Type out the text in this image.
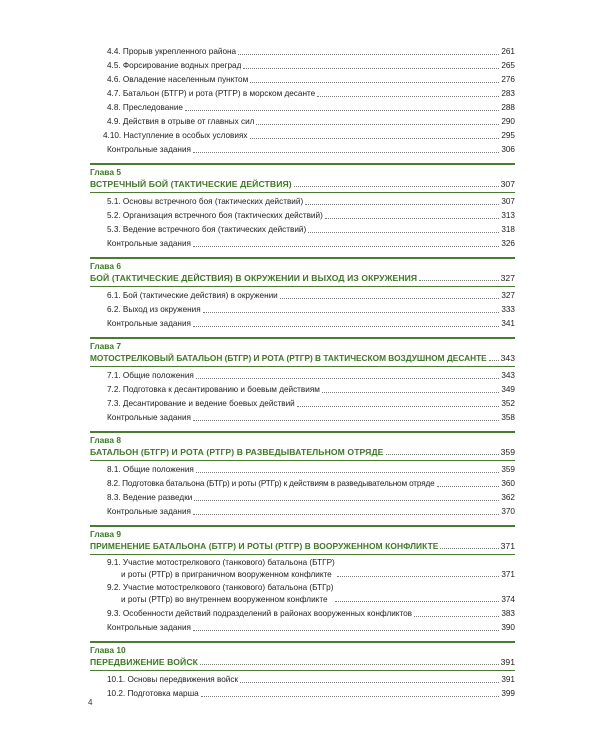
4.4. Прорыв укрепленного района	261
4.5. Форсирование водных преград	265
4.6. Овладение населенным пунктом	276
4.7. Батальон (БТГР) и рота (РТГР) в морском десанте	283
4.8. Преследование	288
4.9. Действия в отрыве от главных сил	290
4.10. Наступление в особых условиях	295
Контрольные задания	306
Глава 5
ВСТРЕЧНЫЙ БОЙ (ТАКТИЧЕСКИЕ ДЕЙСТВИЯ)	307
5.1. Основы встречного боя (тактических действий)	307
5.2. Организация встречного боя (тактических действий)	313
5.3. Ведение встречного боя (тактических действий)	318
Контрольные задания	326
Глава 6
БОЙ (ТАКТИЧЕСКИЕ ДЕЙСТВИЯ) В ОКРУЖЕНИИ И ВЫХОД ИЗ ОКРУЖЕНИЯ	327
6.1. Бой (тактические действия) в окружении	327
6.2. Выход из окружения	333
Контрольные задания	341
Глава 7
МОТОСТРЕЛКОВЫЙ БАТАЛЬОН (БТГР) И РОТА (РТГР) В ТАКТИЧЕСКОМ ВОЗДУШНОМ ДЕСАНТЕ 343
7.1. Общие положения	343
7.2. Подготовка к десантированию и боевым действиям	349
7.3. Десантирование и ведение боевых действий	352
Контрольные задания	358
Глава 8
БАТАЛЬОН (БТГР) И РОТА (РТГР) В РАЗВЕДЫВАТЕЛЬНОМ ОТРЯДЕ	359
8.1. Общие положения	359
8.2. Подготовка батальона (БТГр) и роты (РТГр) к действиям в разведывательном отряде	360
8.3. Ведение разведки	362
Контрольные задания	370
Глава 9
ПРИМЕНЕНИЕ БАТАЛЬОНА (БТГР) И РОТЫ (РТГР) В ВООРУЖЕННОМ КОНФЛИКТЕ	371
9.1. Участие мотострелкового (танкового) батальона (БТГР)
и роты (РТГр) в приграничном вооруженном конфликте	371
9.2. Участие мотострелкового (танкового) батальона (БТГр)
и роты (РТГр) во внутреннем вооруженном конфликте	374
9.3. Особенности действий подразделений в районах вооруженных конфликтов	383
Контрольные задания	390
Глава 10
ПЕРЕДВИЖЕНИЕ ВОЙСК	391
10.1. Основы передвижения войск	391
10.2. Подготовка марша	399
4
